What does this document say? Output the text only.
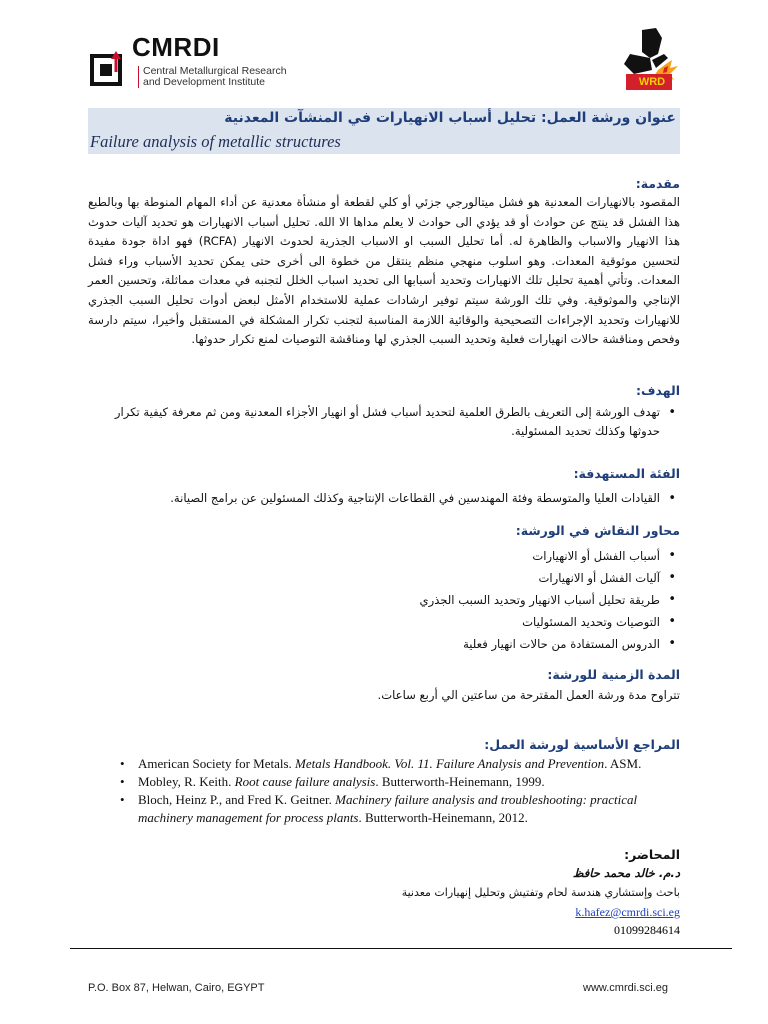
CMRDI
Central Metallurgical Research
and Development Institute	WRD
عنوان ورشة العمل: تحليل أسباب الانهيارات في المنشآت المعدنية
Failure analysis of metallic structures
مقدمة:
المقصود بالانهيارات المعدنية هو فشل ميتالورجي جزئي أو كلي لقطعة أو منشأة معدنية عن أداء المهام المنوطة بها وبالطبع هذا الفشل قد ينتج عن حوادث أو قد يؤدي الى حوادث لا يعلم مداها الا الله. تحليل أسباب الانهيارات هو تحديد آليات حدوث هذا الانهيار والاسباب والظاهرة له. أما تحليل السبب او الاسباب الجذرية لحدوث الانهيار (RCFA) فهو اداة جودة مفيدة لتحسين موثوقية المعدات. وهو اسلوب منهجي منظم ينتقل من خطوة الى أخرى حتى يمكن تحديد الأسباب وراء فشل المعدات. وتأتي أهمية تحليل تلك الانهيارات وتحديد أسبابها الى تحديد اسباب الخلل لتجنبه في معدات مماثلة، وتحسين العمر الإنتاجي والموثوقية. وفي تلك الورشة سيتم توفير ارشادات عملية للاستخدام الأمثل لبعض أدوات تحليل السبب الجذري للانهيارات وتحديد الإجراءات التصحيحية والوقائية اللازمة المناسبة لتجنب تكرار المشكلة في المستقبل وأخيرا، سيتم دارسة وفحص ومناقشة حالات انهيارات فعلية وتحديد السبب الجذري لها ومناقشة التوصيات لمنع تكرار حدوثها.
الهدف:
• تهدف الورشة إلى التعريف بالطرق العلمية لتحديد أسباب فشل أو انهيار الأجزاء المعدنية ومن ثم معرفة كيفية تكرار حدوثها وكذلك تحديد المسئولية.
الفئة المستهدفة:
• القيادات العليا والمتوسطة وفئة المهندسين في القطاعات الإنتاجية وكذلك المسئولين عن برامج الصيانة.
محاور النقاش في الورشة:
• أسباب الفشل أو الانهيارات
• آليات الفشل أو الانهيارات
• طريقة تحليل أسباب الانهيار وتحديد السبب الجذري
• التوصيات وتحديد المسئوليات
• الدروس المستفادة من حالات انهيار فعلية
المدة الزمنية للورشة:
تتراوح مدة ورشة العمل المقترحة من ساعتين الي أربع ساعات.
المراجع الأساسية لورشة العمل:
• American Society for Metals. Metals Handbook. Vol. 11. Failure Analysis and Prevention. ASM.
• Mobley, R. Keith. Root cause failure analysis. Butterworth-Heinemann, 1999.
• Bloch, Heinz P., and Fred K. Geitner. Machinery failure analysis and troubleshooting: practical machinery management for process plants. Butterworth-Heinemann, 2012.
المحاضر:
د.م. خالد محمد حافظ
باحث وإستشاري هندسة لحام وتفتيش وتحليل إنهيارات معدنية
k.hafez@cmrdi.sci.eg
01099284614
P.O. Box 87, Helwan, Cairo, EGYPT	www.cmrdi.sci.eg
